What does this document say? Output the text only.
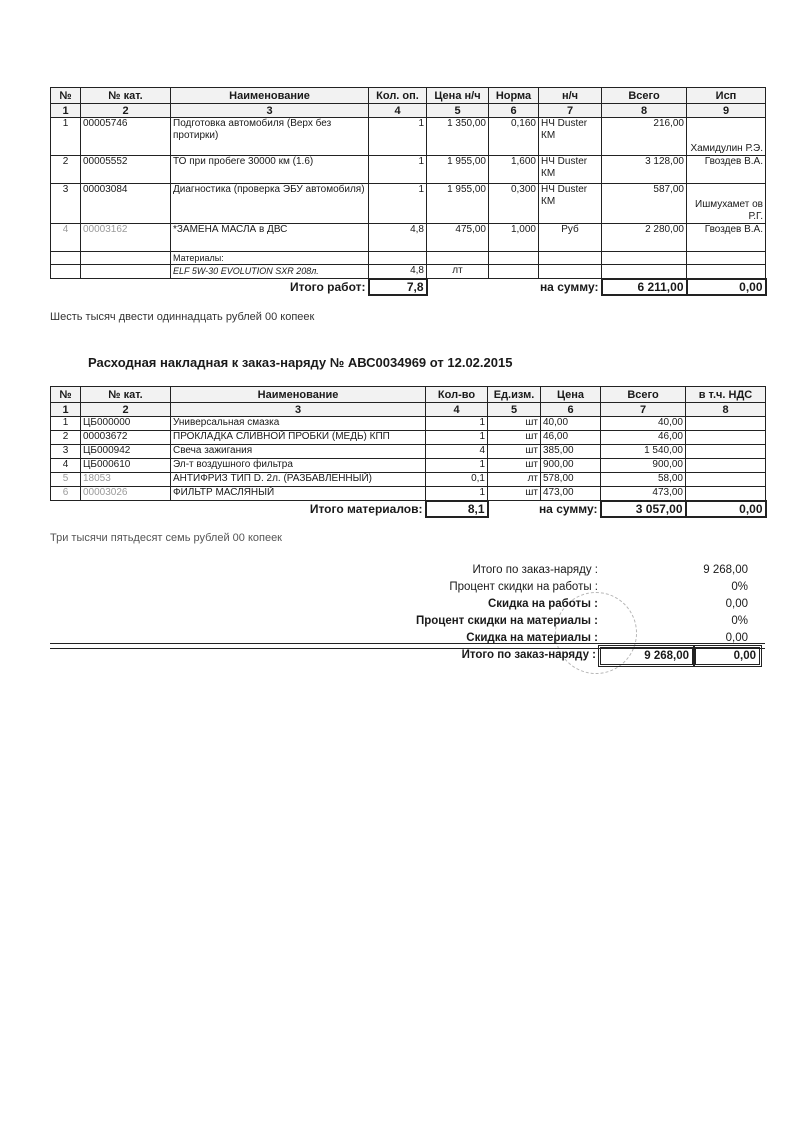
№	№ кат.	Наименование	Кол. оп.	Цена н/ч	Норма	н/ч	Всего	Исп
1	2	3	4	5	6	7	8	9
1	00005746	Подготовка автомобиля (Верх без протирки)	1	1 350,00	0,160	НЧ Duster КМ	216,00	Хамидулин Р.Э.
2	00005552	ТО при пробеге 30000 км (1.6)	1	1 955,00	1,600	НЧ Duster КМ	3 128,00	Гвоздев В.А.
3	00003084	Диагностика (проверка ЭБУ автомобиля)	1	1 955,00	0,300	НЧ Duster КМ	587,00	Ишмухамет ов Р.Г.
4	00003162	*ЗАМЕНА МАСЛА в ДВС	4,8	475,00	1,000	Руб	2 280,00	Гвоздев В.А.
		Материалы:						
		ELF 5W-30 EVOLUTION SXR 208л.	4,8	лт				
Итого работ:			7,8	на сумму:			6 211,00	0,00
Шесть тысяч двести одиннадцать рублей 00 копеек
Расходная накладная к заказ-наряду № АВС0034969 от 12.02.2015
№	№ кат.	Наименование	Кол-во	Ед.изм.	Цена	Всего	в т.ч. НДС
1	2	3	4	5	6	7	8
1	ЦБ000000	Универсальная смазка	1	шт	40,00	40,00	
2	00003672	ПРОКЛАДКА СЛИВНОЙ ПРОБКИ (МЕДЬ) КПП	1	шт	46,00	46,00	
3	ЦБ000942	Свеча зажигания	4	шт	385,00	1 540,00	
4	ЦБ000610	Эл-т воздушного фильтра	1	шт	900,00	900,00	
5	18053	АНТИФРИЗ ТИП D. 2л. (РАЗБАВЛЕННЫЙ)	0,1	лт	578,00	58,00	
6	00003026	ФИЛЬТР МАСЛЯНЫЙ	1	шт	473,00	473,00	
Итого материалов:			8,1	на сумму:		3 057,00	0,00
Три тысячи пятьдесят семь рублей 00 копеек
Итого по заказ-наряду :	9 268,00
Процент скидки на работы :	0%
Скидка на работы :	0,00
Процент скидки на материалы :	0%
Скидка на материалы :	0,00
Итого по заказ-наряду :	9 268,00	0,00
